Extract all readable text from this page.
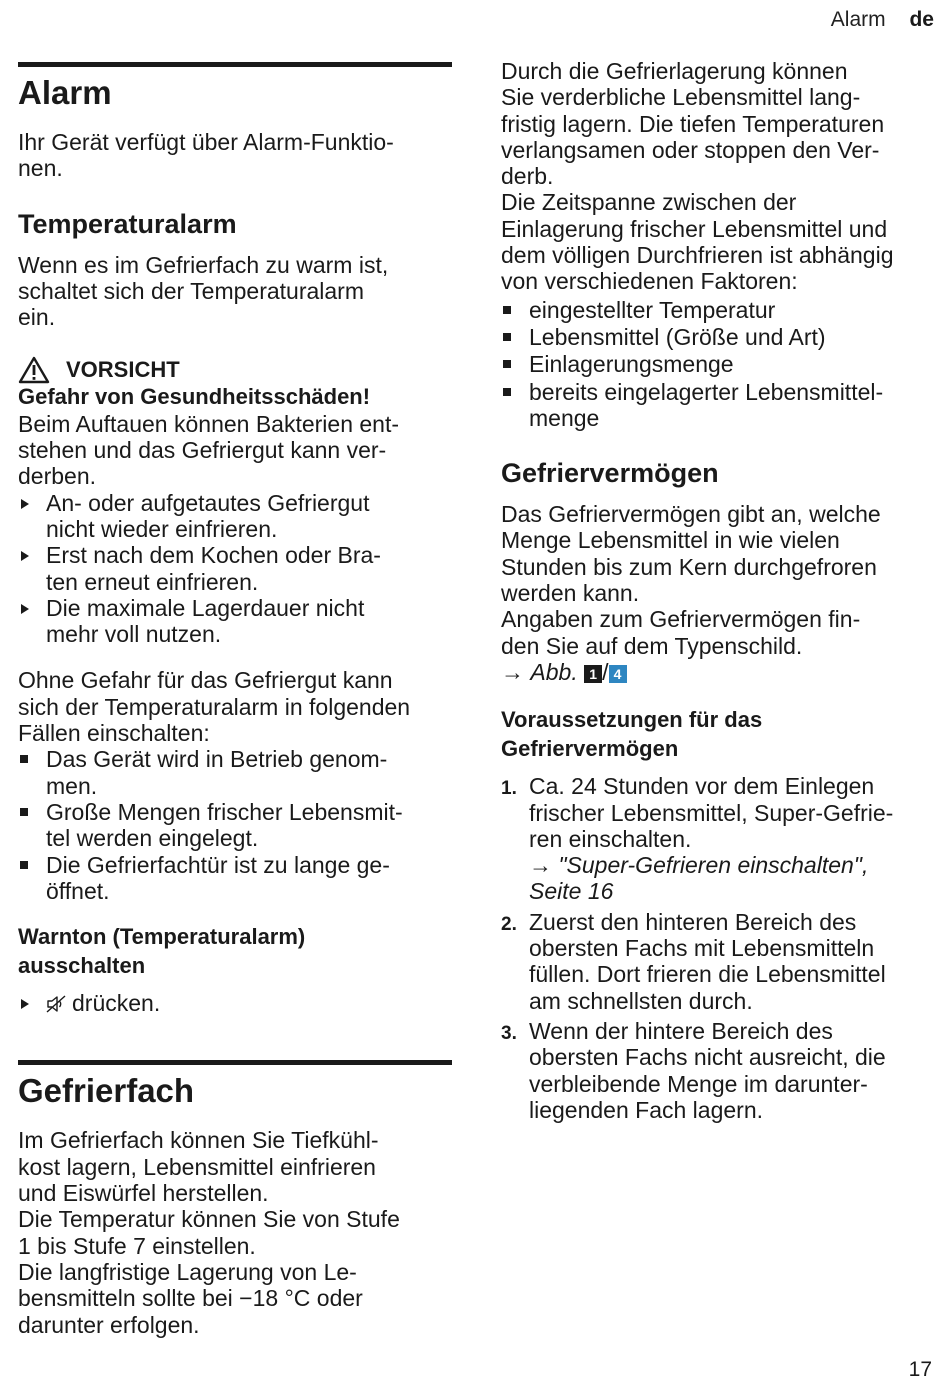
Alarm de
Alarm

Ihr Gerät verfügt über Alarm-Funktio-
nen.

Temperaturalarm

Wenn es im Gefrierfach zu warm ist,
schaltet sich der Temperaturalarm
ein.

VORSICHT

Gefahr von Gesundheitsschäden!

Beim Auftauen können Bakterien ent-
stehen und das Gefriergut kann ver-
derben.

An- oder aufgetautes Gefriergut
nicht wieder einfrieren.
Erst nach dem Kochen oder Bra-
ten erneut einfrieren.
Die maximale Lagerdauer nicht
mehr voll nutzen.

Ohne Gefahr für das Gefriergut kann
sich der Temperaturalarm in folgenden
Fällen einschalten:

Das Gerät wird in Betrieb genom-
men.
Große Mengen frischer Lebensmit-
tel werden eingelegt.
Die Gefrierfachtür ist zu lange ge-
öffnet.
Warnton (Temperaturalarm)
ausschalten
drücken.
Gefrierfach

Im Gefrierfach können Sie Tiefkühl-
kost lagern, Lebensmittel einfrieren
und Eiswürfel herstellen.

Die Temperatur können Sie von Stufe
1 bis Stufe 7 einstellen.

Die langfristige Lagerung von Le-
bensmitteln sollte bei −18 °C oder
darunter erfolgen.

Durch die Gefrierlagerung können
Sie verderbliche Lebensmittel lang-
fristig lagern. Die tiefen Temperaturen
verlangsamen oder stoppen den Ver-
derb.

Die Zeitspanne zwischen der
Einlagerung frischer Lebensmittel und
dem völligen Durchfrieren ist abhängig
von verschiedenen Faktoren:

eingestellter Temperatur
Lebensmittel (Größe und Art)
Einlagerungsmenge
bereits eingelagerter Lebensmittel-
menge
Gefriervermögen

Das Gefriervermögen gibt an, welche
Menge Lebensmittel in wie vielen
Stunden bis zum Kern durchgefroren
werden kann.

Angaben zum Gefriervermögen fin-
den Sie auf dem Typenschild.

→ Abb. 1 / 4

Voraussetzungen für das
Gefriervermögen
1. Ca. 24 Stunden vor dem Einlegen
frischer Lebensmittel, Super-Gefrie-
ren einschalten.
→ "Super-Gefrieren einschalten",
Seite 16
2. Zuerst den hinteren Bereich des
obersten Fachs mit Lebensmitteln
füllen. Dort frieren die Lebensmittel
am schnellsten durch.
3. Wenn der hintere Bereich des
obersten Fachs nicht ausreicht, die
verbleibende Menge im darunter-
liegenden Fach lagern.
17
